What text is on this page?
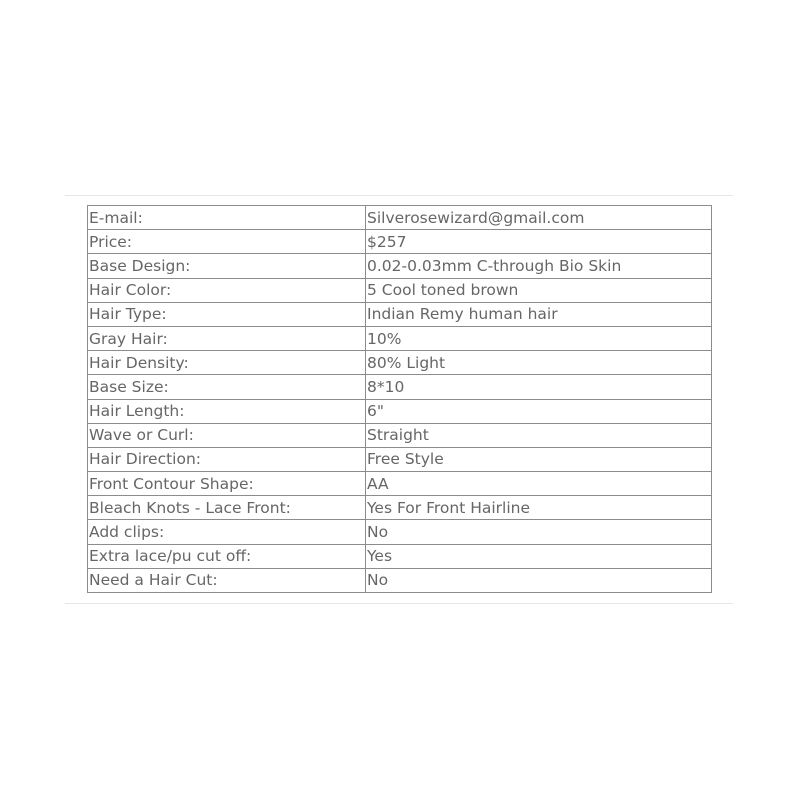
E-mail:	Silverosewizard@gmail.com
Price:	$257
Base Design:	0.02-0.03mm C-through Bio Skin
Hair Color:	5 Cool toned brown
Hair Type:	Indian Remy human hair
Gray Hair:	10%
Hair Density:	80% Light
Base Size:	8*10
Hair Length:	6"
Wave or Curl:	Straight
Hair Direction:	Free Style
Front Contour Shape:	AA
Bleach Knots - Lace Front:	Yes For Front Hairline
Add clips:	No
Extra lace/pu cut off:	Yes
Need a Hair Cut:	No
